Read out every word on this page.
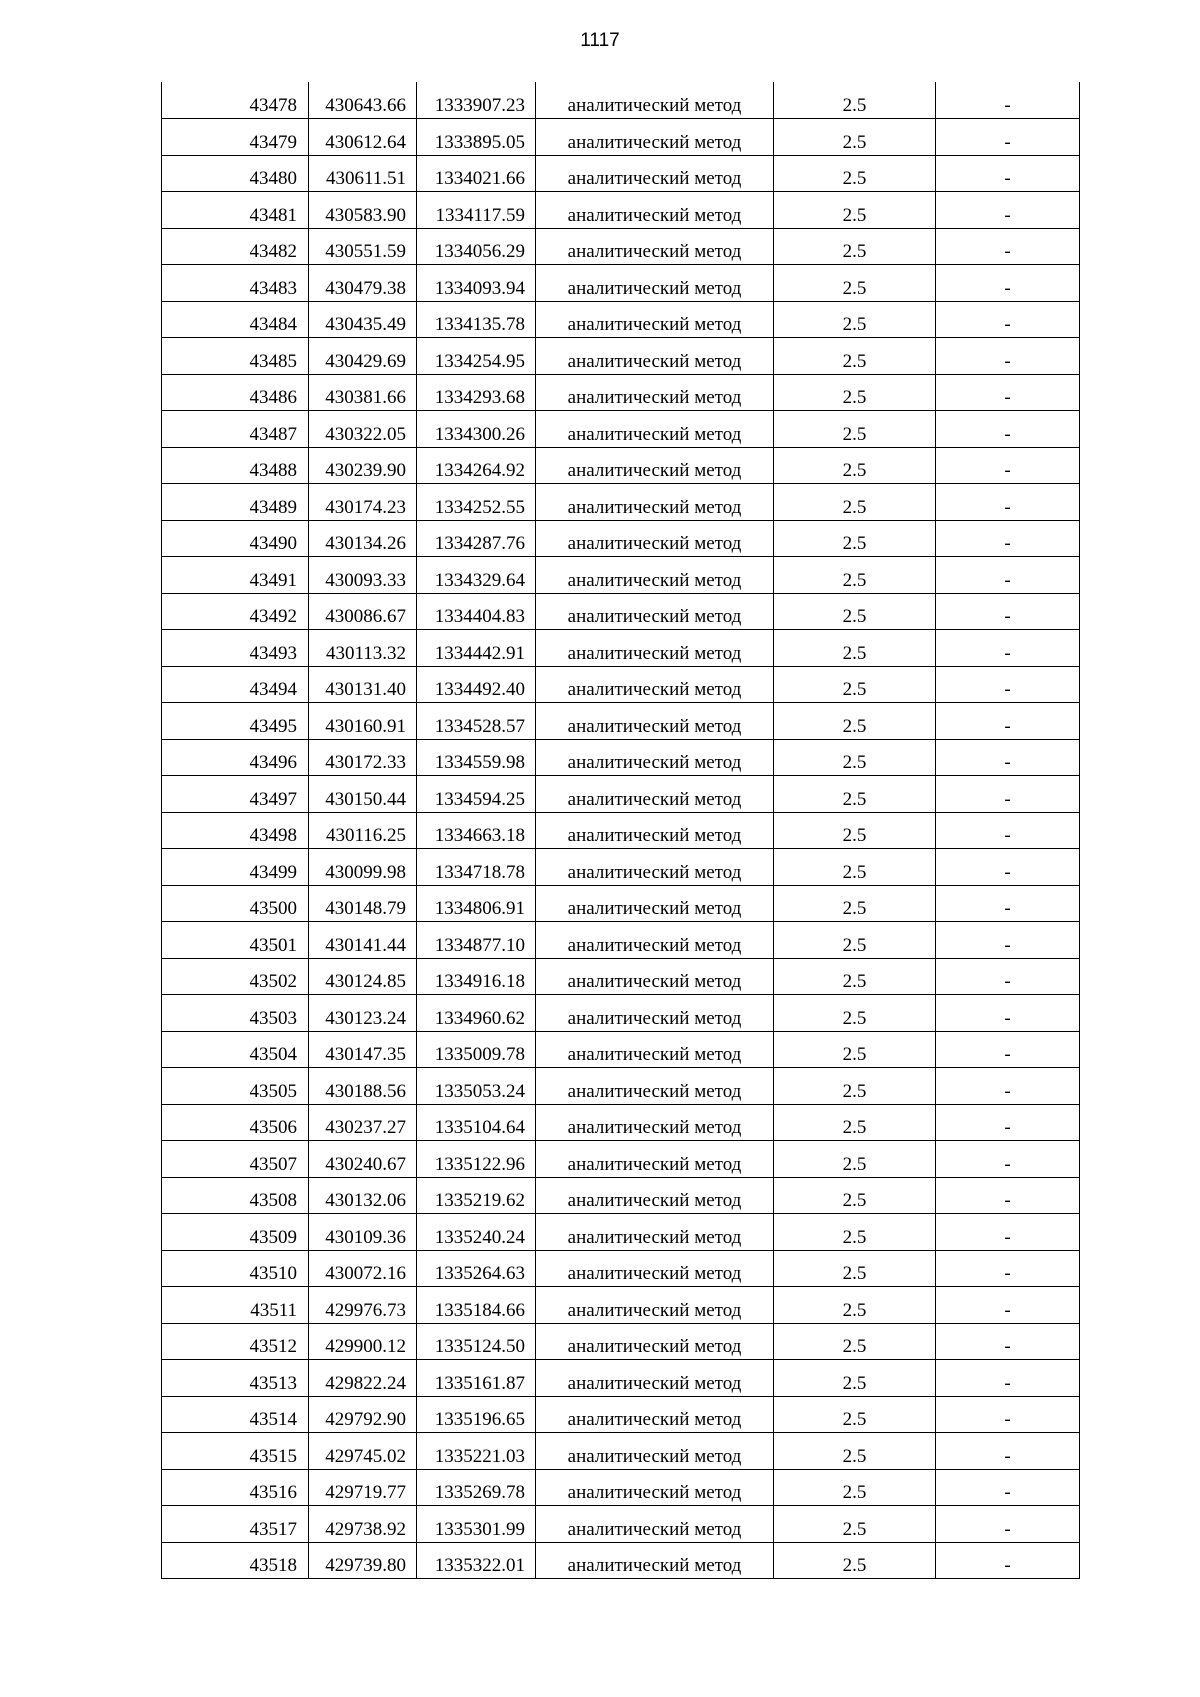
1117
43478	430643.66	1333907.23	аналитический метод	2.5	-
43479	430612.64	1333895.05	аналитический метод	2.5	-
43480	430611.51	1334021.66	аналитический метод	2.5	-
43481	430583.90	1334117.59	аналитический метод	2.5	-
43482	430551.59	1334056.29	аналитический метод	2.5	-
43483	430479.38	1334093.94	аналитический метод	2.5	-
43484	430435.49	1334135.78	аналитический метод	2.5	-
43485	430429.69	1334254.95	аналитический метод	2.5	-
43486	430381.66	1334293.68	аналитический метод	2.5	-
43487	430322.05	1334300.26	аналитический метод	2.5	-
43488	430239.90	1334264.92	аналитический метод	2.5	-
43489	430174.23	1334252.55	аналитический метод	2.5	-
43490	430134.26	1334287.76	аналитический метод	2.5	-
43491	430093.33	1334329.64	аналитический метод	2.5	-
43492	430086.67	1334404.83	аналитический метод	2.5	-
43493	430113.32	1334442.91	аналитический метод	2.5	-
43494	430131.40	1334492.40	аналитический метод	2.5	-
43495	430160.91	1334528.57	аналитический метод	2.5	-
43496	430172.33	1334559.98	аналитический метод	2.5	-
43497	430150.44	1334594.25	аналитический метод	2.5	-
43498	430116.25	1334663.18	аналитический метод	2.5	-
43499	430099.98	1334718.78	аналитический метод	2.5	-
43500	430148.79	1334806.91	аналитический метод	2.5	-
43501	430141.44	1334877.10	аналитический метод	2.5	-
43502	430124.85	1334916.18	аналитический метод	2.5	-
43503	430123.24	1334960.62	аналитический метод	2.5	-
43504	430147.35	1335009.78	аналитический метод	2.5	-
43505	430188.56	1335053.24	аналитический метод	2.5	-
43506	430237.27	1335104.64	аналитический метод	2.5	-
43507	430240.67	1335122.96	аналитический метод	2.5	-
43508	430132.06	1335219.62	аналитический метод	2.5	-
43509	430109.36	1335240.24	аналитический метод	2.5	-
43510	430072.16	1335264.63	аналитический метод	2.5	-
43511	429976.73	1335184.66	аналитический метод	2.5	-
43512	429900.12	1335124.50	аналитический метод	2.5	-
43513	429822.24	1335161.87	аналитический метод	2.5	-
43514	429792.90	1335196.65	аналитический метод	2.5	-
43515	429745.02	1335221.03	аналитический метод	2.5	-
43516	429719.77	1335269.78	аналитический метод	2.5	-
43517	429738.92	1335301.99	аналитический метод	2.5	-
43518	429739.80	1335322.01	аналитический метод	2.5	-
